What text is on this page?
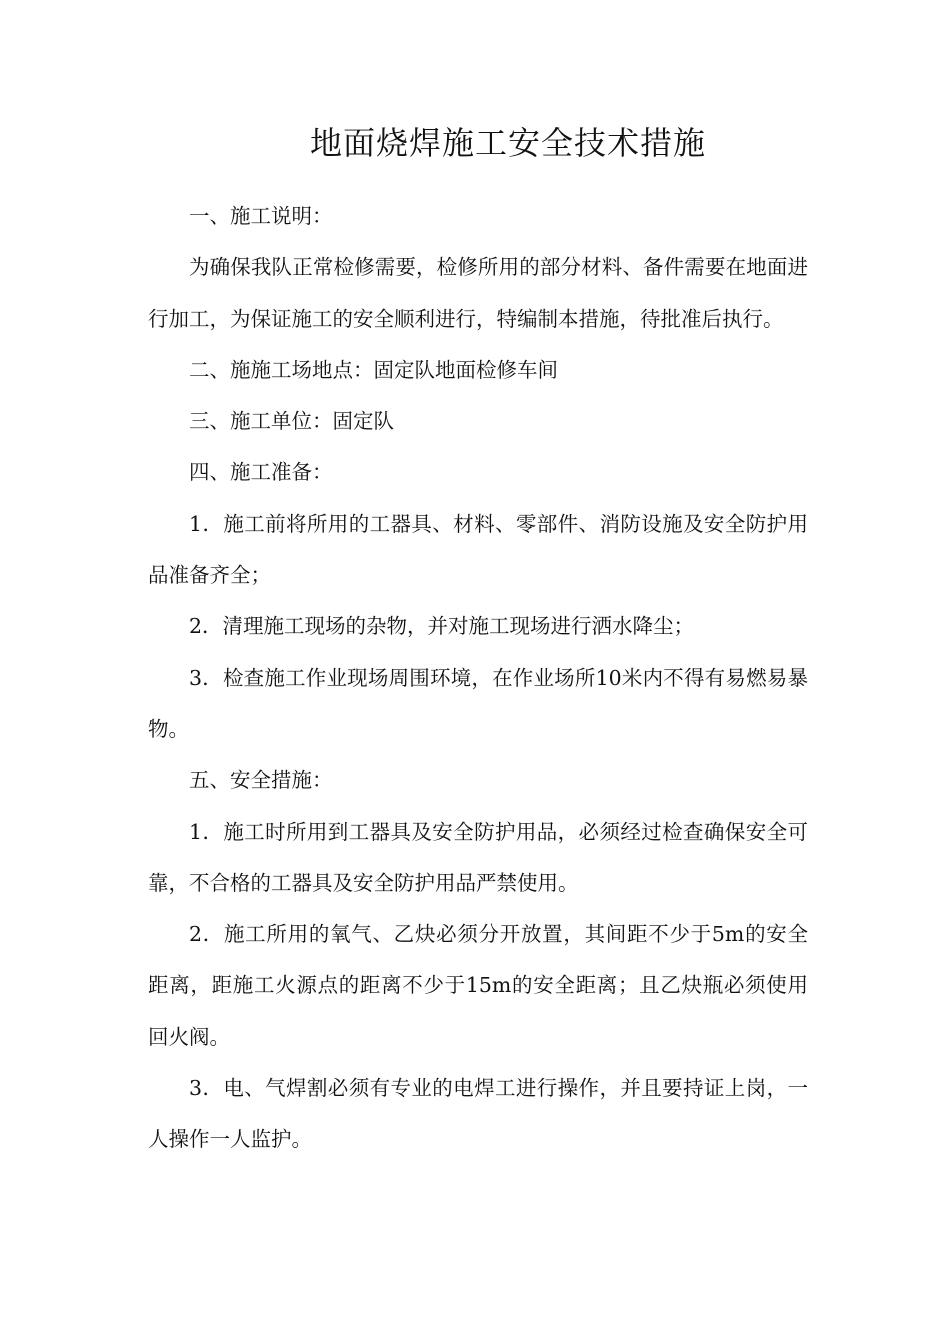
地面烧焊施工安全技术措施

一、施工说明：

为确保我队正常检修需要，检修所用的部分材料、备件需要在地面进行加工，为保证施工的安全顺利进行，特编制本措施，待批准后执行。

二、施施工场地点：固定队地面检修车间

三、施工单位：固定队

四、施工准备：

1．施工前将所用的工器具、材料、零部件、消防设施及安全防护用品准备齐全；

2．清理施工现场的杂物，并对施工现场进行洒水降尘；

3．检查施工作业现场周围环境，在作业场所10米内不得有易燃易暴物。

五、安全措施：

1．施工时所用到工器具及安全防护用品，必须经过检查确保安全可靠，不合格的工器具及安全防护用品严禁使用。

2．施工所用的氧气、乙炔必须分开放置，其间距不少于5m的安全距离，距施工火源点的距离不少于15m的安全距离；且乙炔瓶必须使用回火阀。

3．电、气焊割必须有专业的电焊工进行操作，并且要持证上岗，一人操作一人监护。
